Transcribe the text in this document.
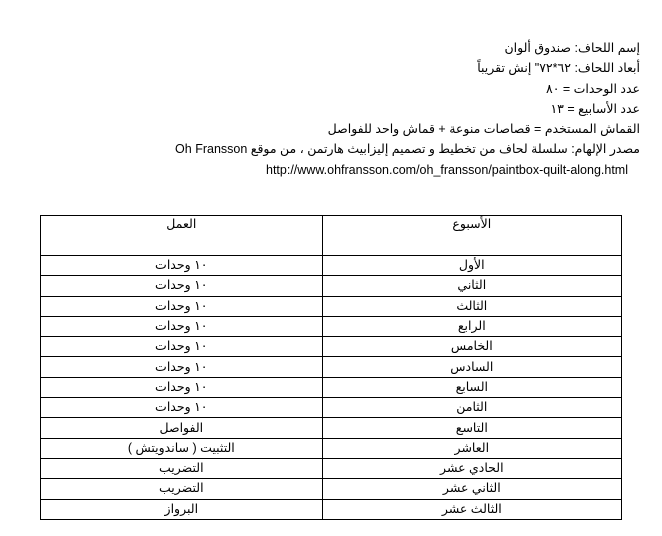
إسم اللحاف: صندوق ألوان
أبعاد اللحاف: ٦٢*٧٢" إنش تقريباً
عدد الوحدات = ٨٠
عدد الأسابيع = ١٣
القماش المستخدم = قصاصات منوعة + قماش واحد للفواصل
مصدر الإلهام: سلسلة لحاف من تخطيط و تصميم إليزابيث هارتمن ، من موقع Oh Fransson
http://www.ohfransson.com/oh_fransson/paintbox-quilt-along.html
الأسبوع	العمل
الأول	١٠ وحدات
الثاني	١٠ وحدات
الثالث	١٠ وحدات
الرابع	١٠ وحدات
الخامس	١٠ وحدات
السادس	١٠ وحدات
السابع	١٠ وحدات
الثامن	١٠ وحدات
التاسع	الفواصل
العاشر	التثبيت ( ساندويتش )
الحادي عشر	التضريب
الثاني عشر	التضريب
الثالث عشر	البرواز
